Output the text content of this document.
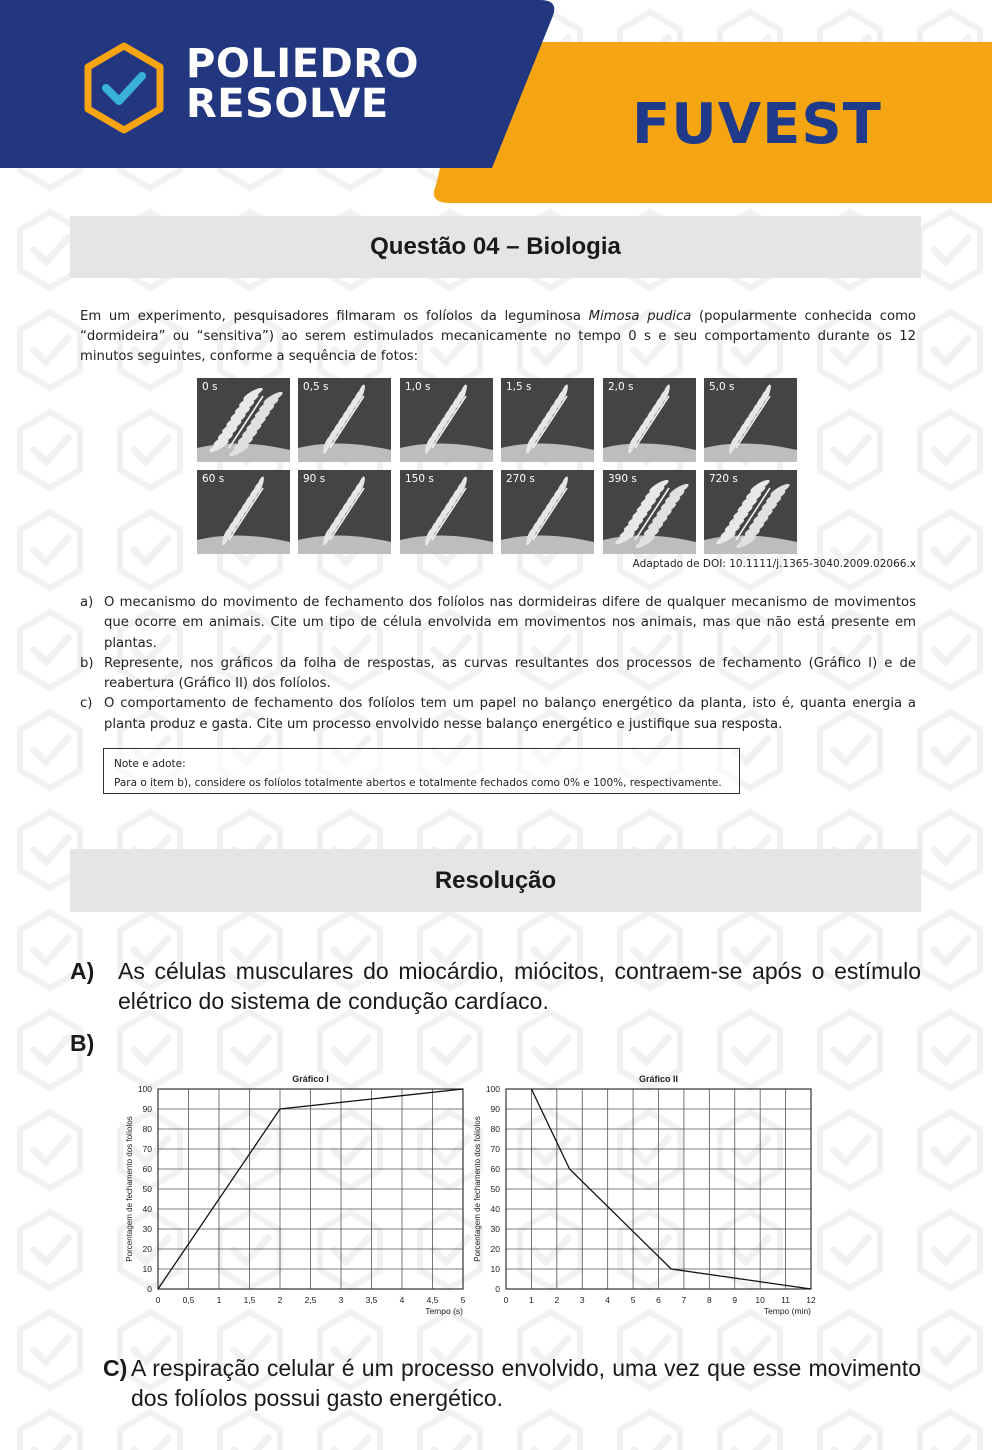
POLIEDRO
RESOLVE	FUVEST
Questão 04 – Biologia
Em um experimento, pesquisadores filmaram os folíolos da leguminosa Mimosa pudica (popularmente conhecida como “dormideira” ou “sensitiva”) ao serem estimulados mecanicamente no tempo 0 s e seu comportamento durante os 12 minutos seguintes, conforme a sequência de fotos:
0 s	0,5 s	1,0 s	1,5 s	2,0 s	5,0 s
60 s	90 s	150 s	270 s	390 s	720 s
Adaptado de DOI: 10.1111/j.1365-3040.2009.02066.x
a) O mecanismo do movimento de fechamento dos folíolos nas dormideiras difere de qualquer mecanismo de movimentos que ocorre em animais. Cite um tipo de célula envolvida em movimentos nos animais, mas que não está presente em plantas.
b) Represente, nos gráficos da folha de respostas, as curvas resultantes dos processos de fechamento (Gráfico I) e de reabertura (Gráfico II) dos folíolos.
c) O comportamento de fechamento dos folíolos tem um papel no balanço energético da planta, isto é, quanta energia a planta produz e gasta. Cite um processo envolvido nesse balanço energético e justifique sua resposta.
Note e adote:
Para o item b), considere os folíolos totalmente abertos e totalmente fechados como 0% e 100%, respectivamente.
Resolução
A)	As células musculares do miocárdio, miócitos, contraem-se após o estímulo elétrico do sistema de condução cardíaco.
B)
0	0,5	1	1,5	2	2,5	3	3,5	4	4,5	5
0
10
20
30
40
50
60
70
80
90
100
Gráfico I
Tempo (s)
Porcentagem de fechamento dos folíolos
0 1 2 3 4 5 6 7 8 9 10 11 12
0
10
20
30
40
50
60
70
80
90
100
Gráfico II
Tempo (min)
Porcentagem de fechamento dos folíolos
C) A respiração celular é um processo envolvido, uma vez que esse movimento dos folíolos possui gasto energético.
